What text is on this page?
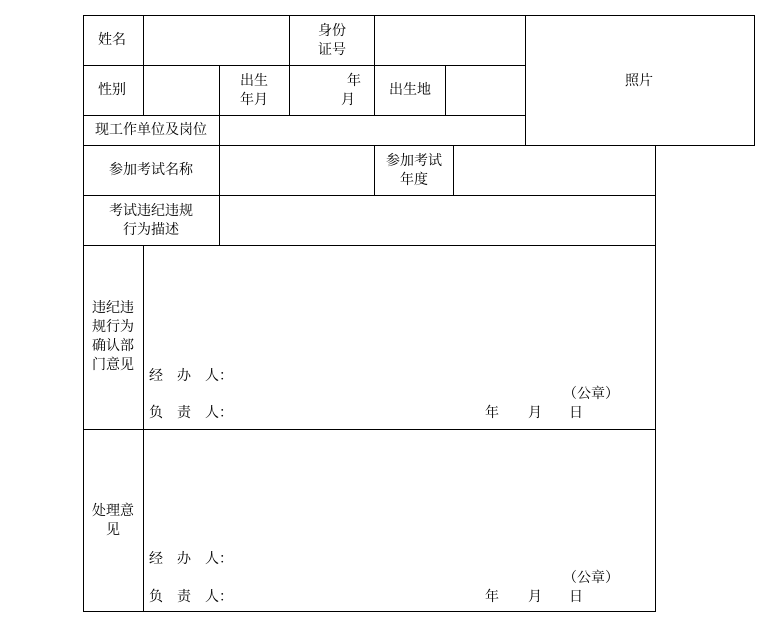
姓名
身份
证号
照片
性别
出生
年月
年
月
出生地
现工作单位及岗位
参加考试名称
参加考试
年度
考试违纪违规
行为描述
违纪违
规行为
确认部
门意见
经　办　人：
（公章）
负　责　人：	年 月 日
处理意
见
经　办　人：
（公章）
负　责　人：	年 月 日
